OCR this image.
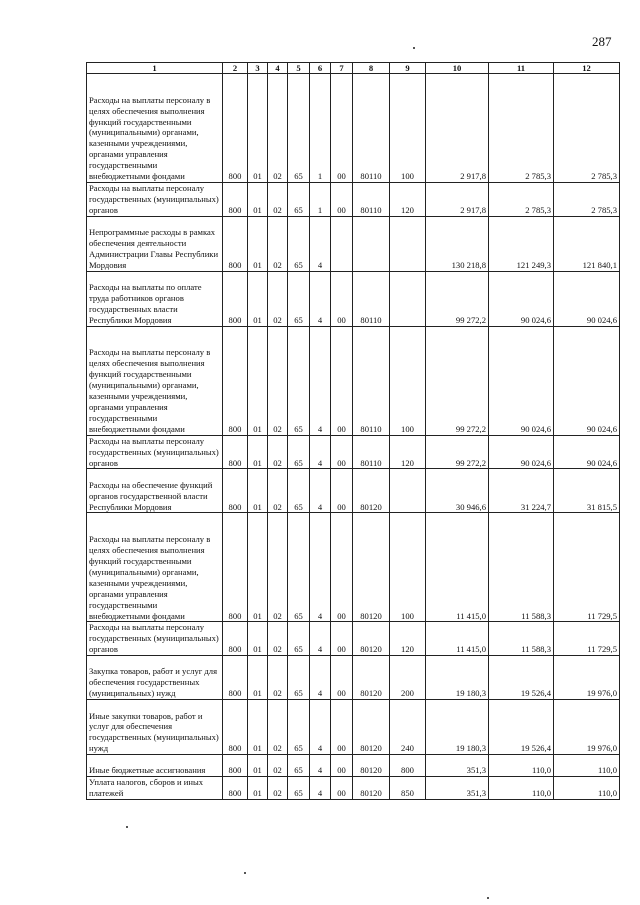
287
1	2	3	4	5	6	7	8	9	10	11	12
Расходы на выплаты персоналу в целях обеспечения выполнения функций государственными (муниципальными) органами, казенными учреждениями, органами управления государственными внебюджетными фондами	800	01	02	65	1	00	80110	100	2 917,8	2 785,3	2 785,3
Расходы на выплаты персоналу государственных (муниципальных) органов	800	01	02	65	1	00	80110	120	2 917,8	2 785,3	2 785,3
Непрограммные расходы в рамках обеспечения деятельности Администрации Главы Республики Мордовия	800	01	02	65	4				130 218,8	121 249,3	121 840,1
Расходы на выплаты по оплате труда работников органов государственных власти Республики Мордовия	800	01	02	65	4	00	80110		99 272,2	90 024,6	90 024,6
Расходы на выплаты персоналу в целях обеспечения выполнения функций государственными (муниципальными) органами, казенными учреждениями, органами управления государственными внебюджетными фондами	800	01	02	65	4	00	80110	100	99 272,2	90 024,6	90 024,6
Расходы на выплаты персоналу государственных (муниципальных) органов	800	01	02	65	4	00	80110	120	99 272,2	90 024,6	90 024,6
Расходы на обеспечение функций органов государственной власти Республики Мордовия	800	01	02	65	4	00	80120		30 946,6	31 224,7	31 815,5
Расходы на выплаты персоналу в целях обеспечения выполнения функций государственными (муниципальными) органами, казенными учреждениями, органами управления государственными внебюджетными фондами	800	01	02	65	4	00	80120	100	11 415,0	11 588,3	11 729,5
Расходы на выплаты персоналу государственных (муниципальных) органов	800	01	02	65	4	00	80120	120	11 415,0	11 588,3	11 729,5
Закупка товаров, работ и услуг для обеспечения государственных (муниципальных) нужд	800	01	02	65	4	00	80120	200	19 180,3	19 526,4	19 976,0
Иные закупки товаров, работ и услуг для обеспечения государственных (муниципальных) нужд	800	01	02	65	4	00	80120	240	19 180,3	19 526,4	19 976,0
Иные бюджетные ассигнования	800	01	02	65	4	00	80120	800	351,3	110,0	110,0
Уплата налогов, сборов и иных платежей	800	01	02	65	4	00	80120	850	351,3	110,0	110,0
